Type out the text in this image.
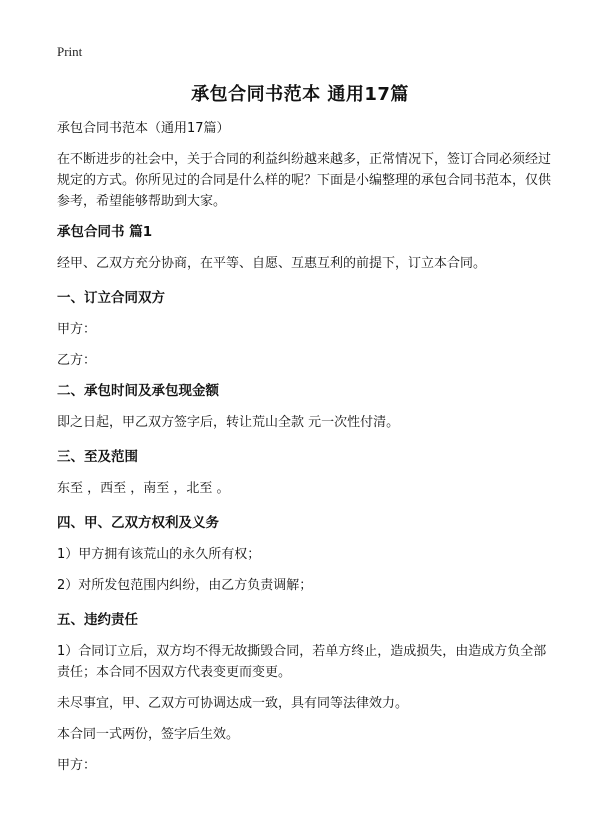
Print
承包合同书范本 通用17篇

承包合同书范本（通用17篇）

在不断进步的社会中，关于合同的利益纠纷越来越多，正常情况下，签订合同必须经过规定的方式。你所见过的合同是什么样的呢？下面是小编整理的承包合同书范本，仅供参考，希望能够帮助到大家。

承包合同书 篇1

经甲、乙双方充分协商，在平等、自愿、互惠互利的前提下，订立本合同。

一、订立合同双方

甲方：

乙方：

二、承包时间及承包现金额

即之日起，甲乙双方签字后，转让荒山全款 元一次性付清。

三、至及范围

东至 ，西至 ，南至 ，北至 。

四、甲、乙双方权利及义务

1）甲方拥有该荒山的永久所有权；

2）对所发包范围内纠纷，由乙方负责调解；

五、违约责任

1）合同订立后，双方均不得无故撕毁合同，若单方终止，造成损失，由造成方负全部责任；本合同不因双方代表变更而变更。

未尽事宜，甲、乙双方可协调达成一致，具有同等法律效力。

本合同一式两份，签字后生效。

甲方：
